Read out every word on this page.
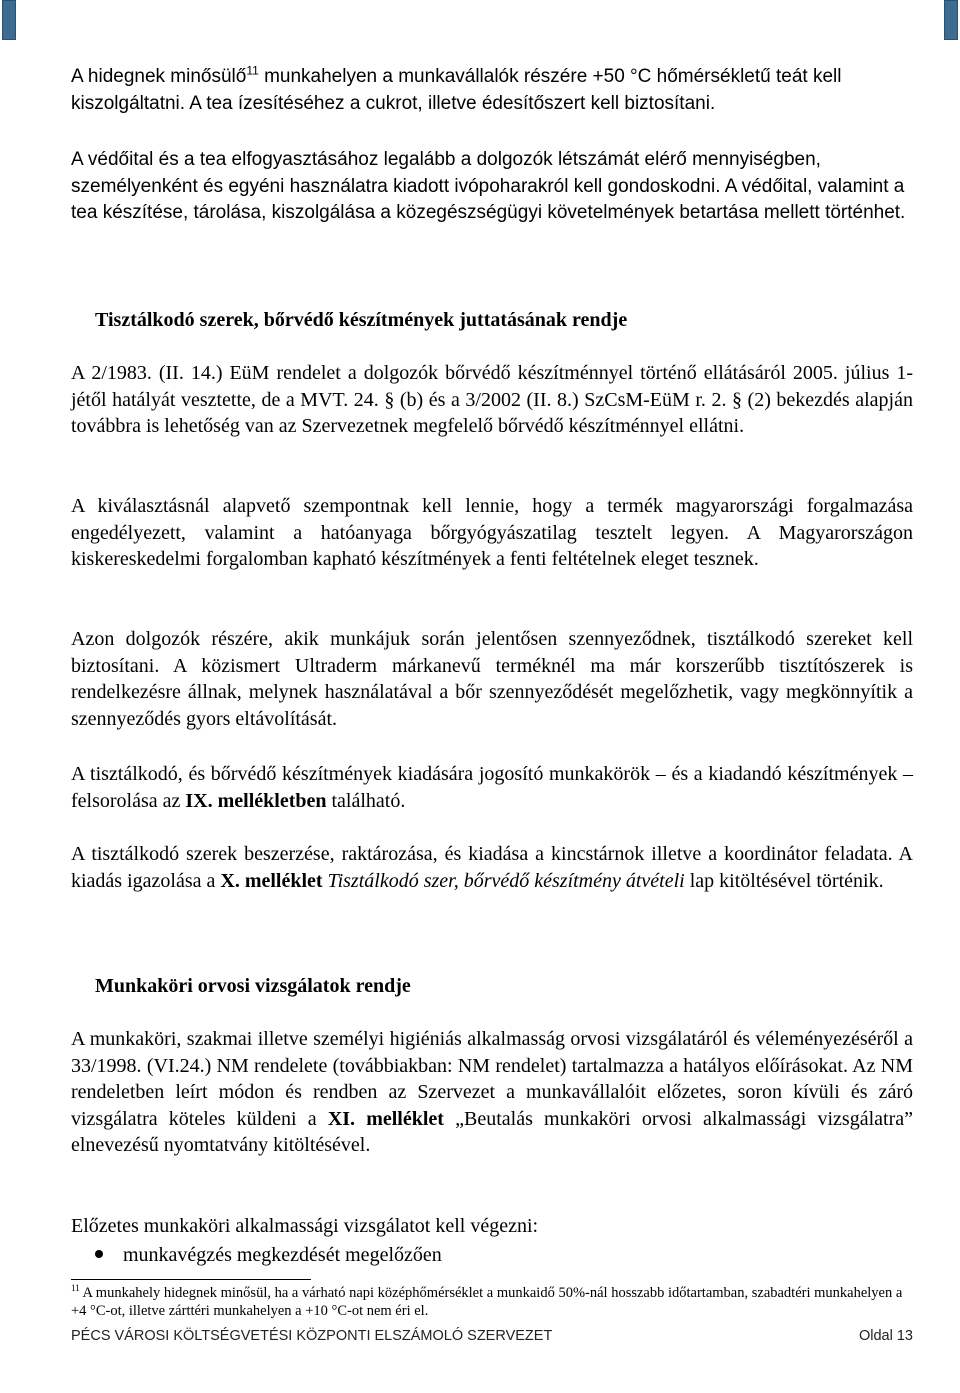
A hidegnek minősülő$^{11}$ munkahelyen a munkavállalók részére +50 °C hőmérsékletű teát kell kiszolgáltatni. A tea ízesítéséhez a cukrot, illetve édesítőszert kell biztosítani.

A védőital és a tea elfogyasztásához legalább a dolgozók létszámát elérő mennyiségben, személyenként és egyéni használatra kiadott ivópoharakról kell gondoskodni. A védőital, valamint a tea készítése, tárolása, kiszolgálása a közegészségügyi követelmények betartása mellett történhet.

Tisztálkodó szerek, bőrvédő készítmények juttatásának rendje

A 2/1983. (II. 14.) EüM rendelet a dolgozók bőrvédő készítménnyel történő ellátásáról 2005. július 1-jétől hatályát vesztette, de a MVT. 24. § (b) és a 3/2002 (II. 8.) SzCsM-EüM r. 2. § (2) bekezdés alapján továbbra is lehetőség van az Szervezetnek megfelelő bőrvédő készítménnyel ellátni.

A kiválasztásnál alapvető szempontnak kell lennie, hogy a termék magyarországi forgalmazása engedélyezett, valamint a hatóanyaga bőrgyógyászatilag tesztelt legyen. A Magyarországon kiskereskedelmi forgalomban kapható készítmények a fenti feltételnek eleget tesznek.

Azon dolgozók részére, akik munkájuk során jelentősen szennyeződnek, tisztálkodó szereket kell biztosítani. A közismert Ultraderm márkanevű terméknél ma már korszerűbb tisztítószerek is rendelkezésre állnak, melynek használatával a bőr szennyeződését megelőzhetik, vagy megkönnyítik a szennyeződés gyors eltávolítását.

A tisztálkodó, és bőrvédő készítmények kiadására jogosító munkakörök – és a kiadandó készítmények – felsorolása az IX. mellékletben található.

A tisztálkodó szerek beszerzése, raktározása, és kiadása a kincstárnok illetve a koordinátor feladata. A kiadás igazolása a X. melléklet Tisztálkodó szer, bőrvédő készítmény átvételi lap kitöltésével történik.

Munkaköri orvosi vizsgálatok rendje

A munkaköri, szakmai illetve személyi higiéniás alkalmasság orvosi vizsgálatáról és véleményezéséről a 33/1998. (VI.24.) NM rendelete (továbbiakban: NM rendelet) tartalmazza a hatályos előírásokat. Az NM rendeletben leírt módon és rendben az Szervezet a munkavállalóit előzetes, soron kívüli és záró vizsgálatra köteles küldeni a XI. melléklet „Beutalás munkaköri orvosi alkalmassági vizsgálatra” elnevezésű nyomtatvány kitöltésével.

Előzetes munkaköri alkalmassági vizsgálatot kell végezni:

munkavégzés megkezdését megelőzően

$^{11}$ A munkahely hidegnek minősül, ha a várható napi középhőmérséklet a munkaidő 50%-nál hosszabb időtartamban, szabadtéri munkahelyen a +4 °C-ot, illetve zárttéri munkahelyen a +10 °C-ot nem éri el.

PÉCS VÁROSI KÖLTSÉGVETÉSI KÖZPONTI ELSZÁMOLÓ SZERVEZET	Oldal 13
